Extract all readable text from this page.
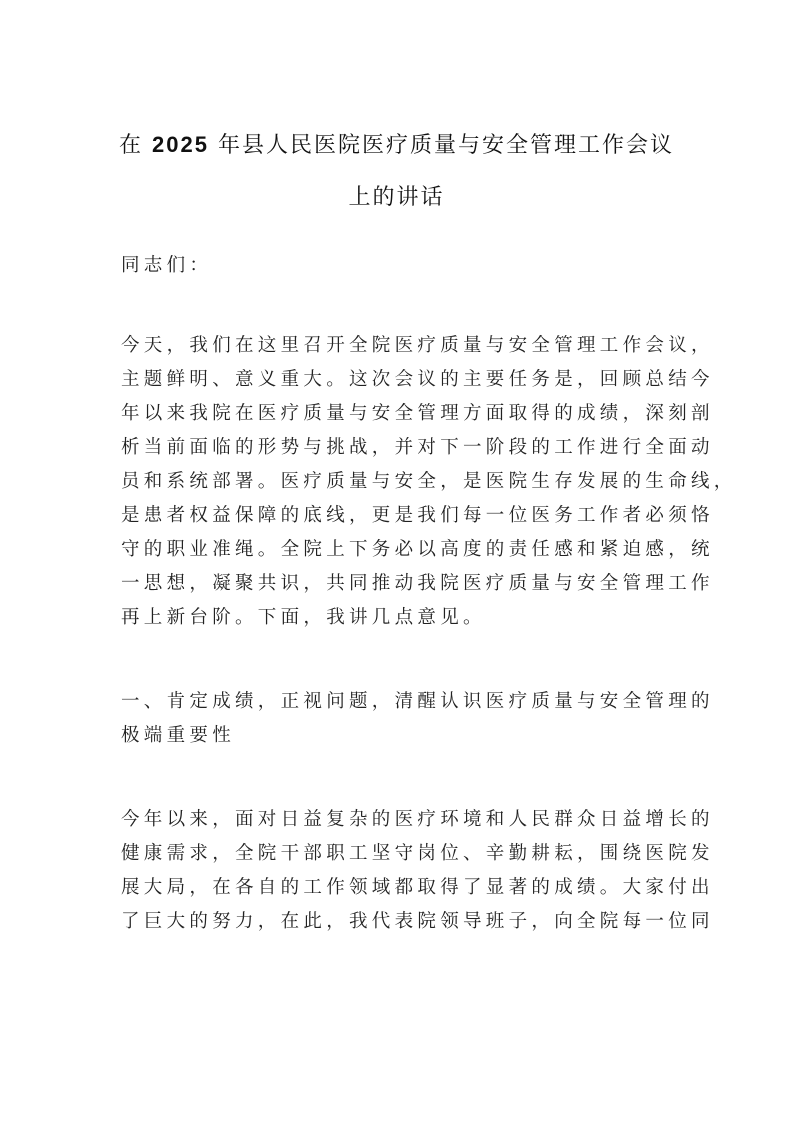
在 2025 年县人民医院医疗质量与安全管理工作会议
上的讲话
同志们：
今天，我们在这里召开全院医疗质量与安全管理工作会议，
主题鲜明、意义重大。这次会议的主要任务是，回顾总结今
年以来我院在医疗质量与安全管理方面取得的成绩，深刻剖
析当前面临的形势与挑战，并对下一阶段的工作进行全面动
员和系统部署。医疗质量与安全，是医院生存发展的生命线，
是患者权益保障的底线，更是我们每一位医务工作者必须恪
守的职业准绳。全院上下务必以高度的责任感和紧迫感，统
一思想，凝聚共识，共同推动我院医疗质量与安全管理工作
再上新台阶。下面，我讲几点意见。
一、肯定成绩，正视问题，清醒认识医疗质量与安全管理的
极端重要性
今年以来，面对日益复杂的医疗环境和人民群众日益增长的
健康需求，全院干部职工坚守岗位、辛勤耕耘，围绕医院发
展大局，在各自的工作领域都取得了显著的成绩。大家付出
了巨大的努力，在此，我代表院领导班子，向全院每一位同
